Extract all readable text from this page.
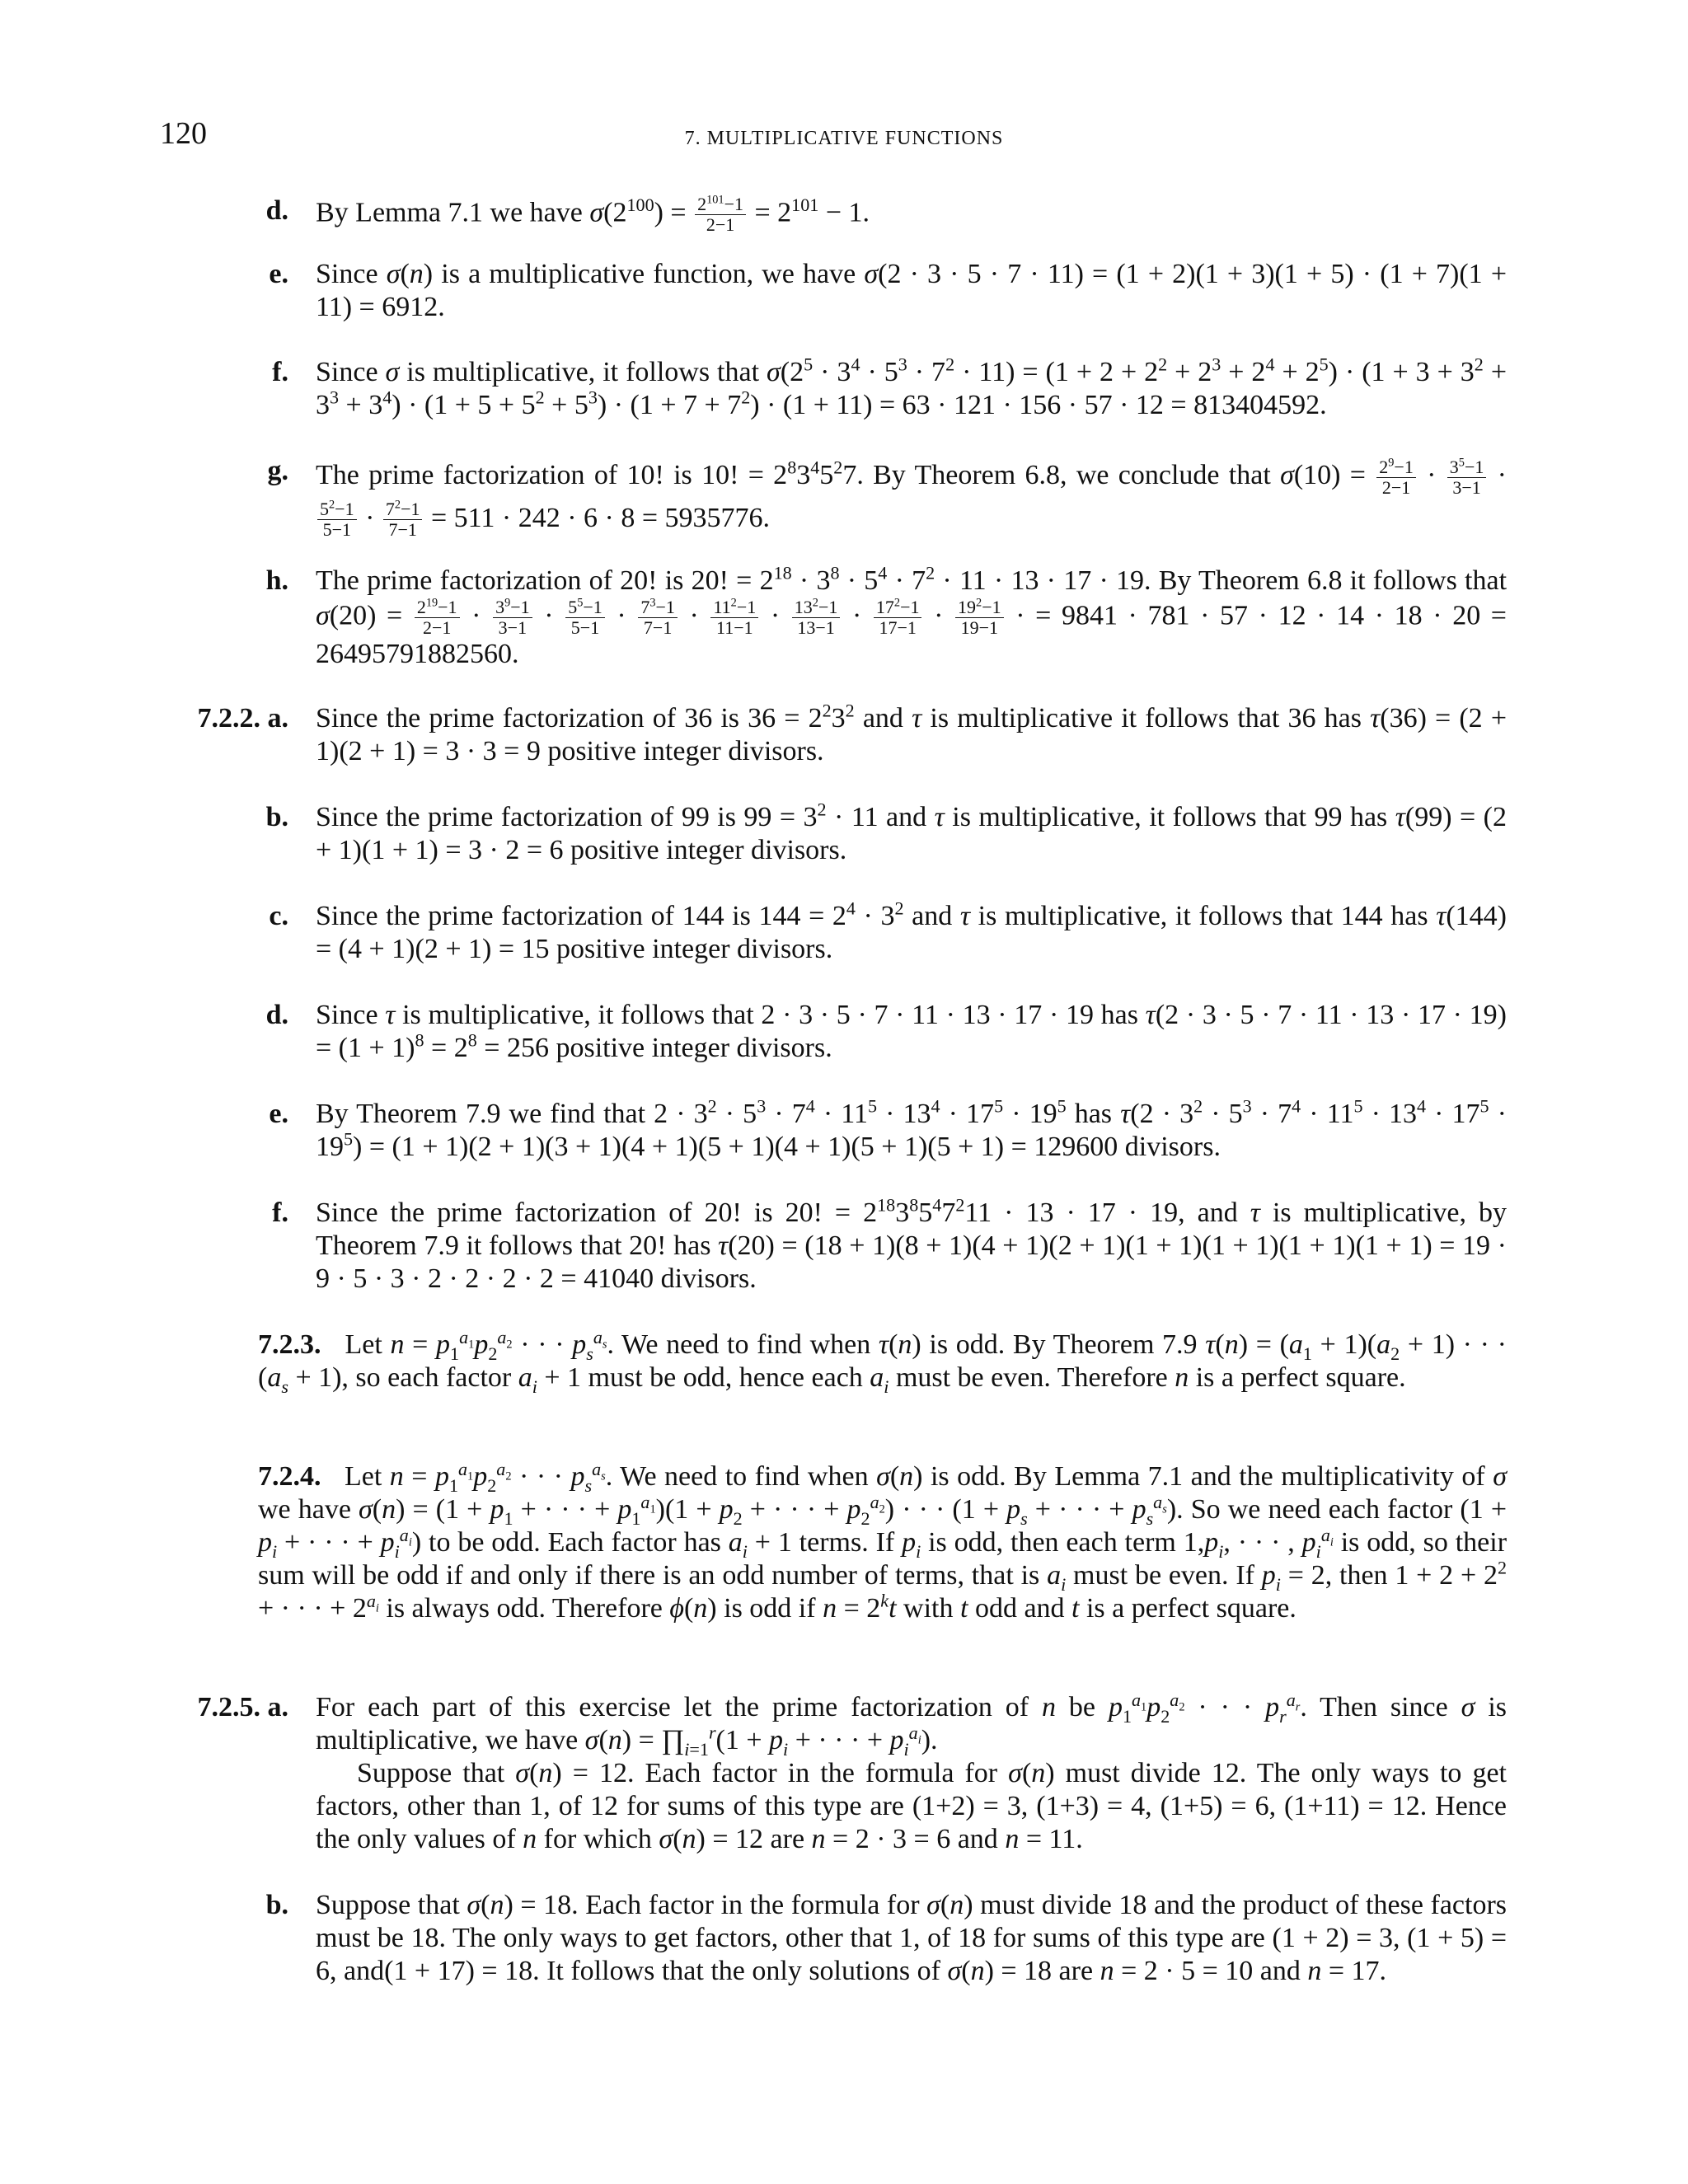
120	7. MULTIPLICATIVE FUNCTIONS
d. By Lemma 7.1 we have $\sigma(2^{100}) = \frac{2^{101}-1}{2-1} = 2^{101} - 1$.
e. Since σ(n) is a multiplicative function, we have σ(2 · 3 · 5 · 7 · 11) = (1 + 2)(1 + 3)(1 + 5) · (1 + 7)(1 + 11) = 6912.
f. Since σ is multiplicative, it follows that $\sigma(2^5 \cdot 3^4 \cdot 5^3 \cdot 7^2 \cdot 11) = (1 + 2 + 2^2 + 2^3 + 2^4 + 2^5) \cdot (1 + 3 + 3^2 + 3^3 + 3^4) \cdot (1 + 5 + 5^2 + 5^3) \cdot (1 + 7 + 7^2) \cdot (1 + 11) = 63 \cdot 121 \cdot 156 \cdot 57 \cdot 12 = 813404592$.
g. The prime factorization of 10! is 10! = $2^83^45^27$. By Theorem 6.8, we conclude that $\sigma(10) = \frac{2^9-1}{2-1} \cdot \frac{3^5-1}{3-1}$ ·
$\frac{5^2-1}{5-1} \cdot \frac{7^2-1}{7-1} = 511 \cdot 242 \cdot 6 \cdot 8 = 5935776$.
h. The prime factorization of 20! is 20! = $2^{18} \cdot 3^8 \cdot 5^4 \cdot 7^2 \cdot 11 \cdot 13 \cdot 17 \cdot 19$. By Theorem 6.8 it follows that $\sigma(20) = \frac{2^{19}-1}{2-1} \cdot \frac{3^9-1}{3-1} \cdot \frac{5^5-1}{5-1} \cdot \frac{7^3-1}{7-1} \cdot \frac{11^2-1}{11-1} \cdot \frac{13^2-1}{13-1} \cdot \frac{17^2-1}{17-1} \cdot \frac{19^2-1}{19-1}$ · = 9841 · 781 · 57 · 12 · 14 · 18 · 20 = 26495791882560.
7.2.2. a. Since the prime factorization of 36 is $36 = 2^23^2$ and τ is multiplicative it follows that 36 has τ(36) = (2 + 1)(2 + 1) = 3 · 3 = 9 positive integer divisors.
b. Since the prime factorization of 99 is $99 = 3^2 \cdot 11$ and τ is multiplicative, it follows that 99 has τ(99) = (2 + 1)(1 + 1) = 3 · 2 = 6 positive integer divisors.
c. Since the prime factorization of 144 is $144 = 2^4 \cdot 3^2$ and τ is multiplicative, it follows that 144 has τ(144) = (4 + 1)(2 + 1) = 15 positive integer divisors.
d. Since τ is multiplicative, it follows that 2 · 3 · 5 · 7 · 11 · 13 · 17 · 19 has $\tau(2 \cdot 3 \cdot 5 \cdot 7 \cdot 11 \cdot 13 \cdot 17 \cdot 19) = (1 + 1)^8 = 2^8 = 256$ positive integer divisors.
e. By Theorem 7.9 we find that $2 \cdot 3^2 \cdot 5^3 \cdot 7^4 \cdot 11^5 \cdot 13^4 \cdot 17^5 \cdot 19^5$ has $\tau(2 \cdot 3^2 \cdot 5^3 \cdot 7^4 \cdot 11^5 \cdot 13^4 \cdot 17^5 \cdot 19^5) = (1 + 1)(2 + 1)(3 + 1)(4 + 1)(5 + 1)(4 + 1)(5 + 1)(5 + 1) = 129600$ divisors.
f. Since the prime factorization of 20! is 20! = $2^{18}3^85^47^211 \cdot 13 \cdot 17 \cdot 19$, and τ is multiplicative, by Theorem 7.9 it follows that 20! has τ(20) = (18 + 1)(8 + 1)(4 + 1)(2 + 1)(1 + 1)(1 + 1)(1 + 1)(1 + 1) = 19 · 9 · 5 · 3 · 2 · 2 · 2 · 2 = 41040 divisors.
7.2.3.   Let $n = p_1^{a_1}p_2^{a_2}$ · · · $p_s^{a_s}$. We need to find when τ(n) is odd. By Theorem 7.9 $\tau(n) = (a_1 + 1)(a_2 + 1)$ · · · $(a_s + 1)$, so each factor $a_i + 1$ must be odd, hence each $a_i$ must be even. Therefore n is a perfect square.
7.2.4.   Let $n = p_1^{a_1}p_2^{a_2}$ · · · $p_s^{a_s}$. We need to find when σ(n) is odd. By Lemma 7.1 and the multiplicativity of σ we have $\sigma(n) = (1 + p_1$ + · · · + $p_1^{a_1})(1 + p_2$ + · · · + $p_2^{a_2}$) · · · ($1 + p_s$ + · · · + $p_s^{a_s}$). So we need each factor ($1 + p_i$ + · · · + $p_i^{a_i}$) to be odd. Each factor has $a_i + 1$ terms. If $p_i$ is odd, then each term $1,p_i$, · · · , $p_i^{a_i}$ is odd, so their sum will be odd if and only if there is an odd number of terms, that is $a_i$ must be even. If $p_i = 2$, then $1 + 2 + 2^2$ + · · · + $2^{a_i}$ is always odd. Therefore ϕ(n) is odd if $n = 2^kt$ with t odd and t is a perfect square.
7.2.5. a. For each part of this exercise let the prime factorization of n be $p_1^{a_1}p_2^{a_2}$ · · · $p_r^{a_r}$. Then since σ is multiplicative, we have $\sigma(n) = \prod_{i=1}^r(1 + p_i$ + · · · + $p_i^{a_i}$).
Suppose that σ(n) = 12. Each factor in the formula for σ(n) must divide 12. The only ways to get factors, other than 1, of 12 for sums of this type are (1+2) = 3, (1+3) = 4, (1+5) = 6, (1+11) = 12. Hence the only values of n for which σ(n) = 12 are n = 2 · 3 = 6 and n = 11.
b. Suppose that σ(n) = 18. Each factor in the formula for σ(n) must divide 18 and the product of these factors must be 18. The only ways to get factors, other that 1, of 18 for sums of this type are (1 + 2) = 3, (1 + 5) = 6, and(1 + 17) = 18. It follows that the only solutions of σ(n) = 18 are n = 2 · 5 = 10 and n = 17.
